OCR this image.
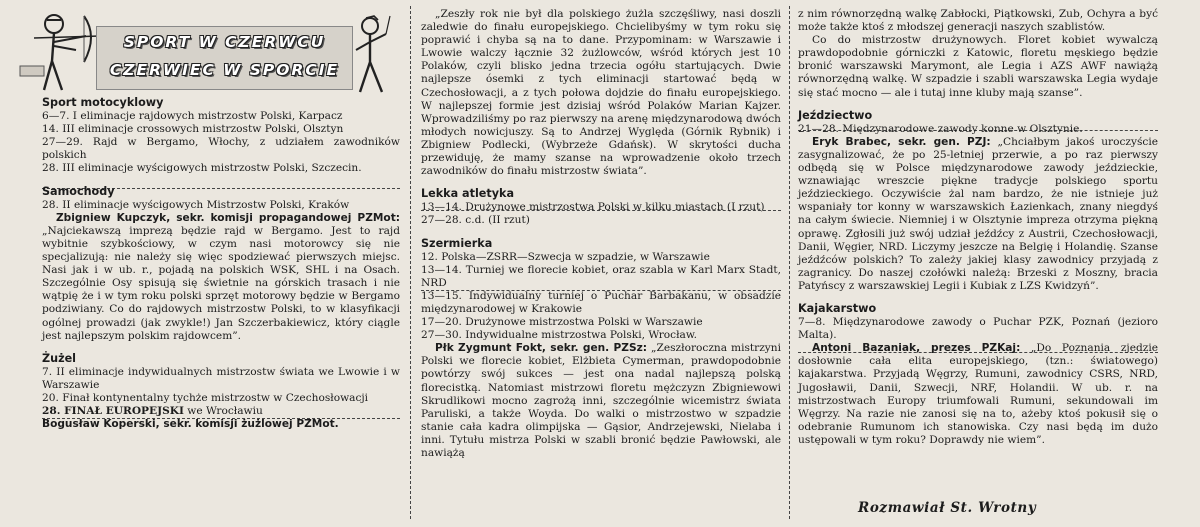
SPORT W CZERWCU
CZERWIEC W SPORCIE
Sport motocyklowy

6—7. I eliminacje rajdowych mistrzostw Polski, Karpacz

14. III eliminacje crossowych mistrzostw Polski, Olsztyn

27—29. Rajd w Bergamo, Włochy, z udziałem zawodników polskich

28. III eliminacje wyścigowych mistrzostw Polski, Szczecin.

Samochody

28. II eliminacje wyścigowych Mistrzostw Polski, Kraków

Zbigniew Kupczyk, sekr. komisji propagandowej PZMot: „Najciekawszą imprezą będzie rajd w Bergamo. Jest to rajd wybitnie szybkościowy, w czym nasi motorowcy się nie specjalizują: nie należy się więc spodziewać pierwszych miejsc. Nasi jak i w ub. r., pojadą na polskich WSK, SHL i na Osach. Szczególnie Osy spisują się świetnie na górskich trasach i nie wątpię że i w tym roku polski sprzęt motorowy będzie w Bergamo podziwiany. Co do rajdowych mistrzostw Polski, to w klasyfikacji ogólnej prowadzi (jak zwykle!) Jan Szczerbakiewicz, który ciągle jest najlepszym polskim rajdowcem”.

Żużel

7. II eliminacje indywidualnych mistrzostw świata we Lwowie i w Warszawie

20. Finał kontynentalny tychże mistrzostw w Czechosłowacji

28. FINAŁ EUROPEJSKI we Wrocławiu

Bogusław Koperski, sekr. komisji żużlowej PZMot.

„Zeszły rok nie był dla polskiego żużla szczęśliwy, nasi doszli zaledwie do finału europejskiego. Chcielibyśmy w tym roku się poprawić i chyba są na to dane. Przypominam: w Warszawie i Lwowie walczy łącznie 32 żużlowców, wśród których jest 10 Polaków, czyli blisko jedna trzecia ogółu startujących. Dwie najlepsze ósemki z tych eliminacji startować będą w Czechosłowacji, a z tych połowa dojdzie do finału europejskiego. W najlepszej formie jest dzisiaj wśród Polaków Marian Kajzer. Wprowadziliśmy po raz pierwszy na arenę międzynarodową dwóch młodych nowicjuszy. Są to Andrzej Wyględa (Górnik Rybnik) i Zbigniew Podlecki, (Wybrzeże Gdańsk). W skrytości ducha przewiduję, że mamy szanse na wprowadzenie około trzech zawodników do finału mistrzostw świata”.

Lekka atletyka

13—14. Drużynowe mistrzostwa Polski w kilku miastach (I rzut)

27—28. c.d. (II rzut)

Szermierka

12. Polska—ZSRR—Szwecja w szpadzie, w Warszawie

13—14. Turniej we florecie kobiet, oraz szabla w Karl Marx Stadt, NRD

13—15. Indywidualny turniej o Puchar Barbakanu, w obsadzie międzynarodowej w Krakowie

17—20. Drużynowe mistrzostwa Polski w Warszawie

27—30. Indywidualne mistrzostwa Polski, Wrocław.

Płk Zygmunt Fokt, sekr. gen. PZSz: „Zeszłoroczna mistrzyni Polski we florecie kobiet, Elżbieta Cymerman, prawdopodobnie powtórzy swój sukces — jest ona nadal najlepszą polską florecistką. Natomiast mistrzowi floretu mężczyzn Zbigniewowi Skrudlikowi mocno zagrożą inni, szczególnie wicemistrz świata Paruliski, a także Woyda. Do walki o mistrzostwo w szpadzie stanie cała kadra olimpijska — Gąsior, Andrzejewski, Nielaba i inni. Tytułu mistrza Polski w szabli bronić będzie Pawłowski, ale nawiążą

z nim równorzędną walkę Zabłocki, Piątkowski, Zub, Ochyra a być może także ktoś z młodszej generacji naszych szablistów.

Co do mistrzostw drużynowych. Floret kobiet wywalczą prawdopodobnie górniczki z Katowic, floretu męskiego będzie bronić warszawski Marymont, ale Legia i AZS AWF nawiążą równorzędną walkę. W szpadzie i szabli warszawska Legia wydaje się stać mocno — ale i tutaj inne kluby mają szanse”.

Jeździectwo

21—28. Międzynarodowe zawody konne w Olsztynie.

Eryk Brabec, sekr. gen. PZJ: „Chciałbym jakoś uroczyście zasygnalizować, że po 25-letniej przerwie, a po raz pierwszy odbędą się w Polsce międzynarodowe zawody jeździeckie, wznawiając wreszcie piękne tradycje polskiego sportu jeździeckiego. Oczywiście żal nam bardzo, że nie istnieje już wspaniały tor konny w warszawskich Łazienkach, znany niegdyś na całym świecie. Niemniej i w Olsztynie impreza otrzyma piękną oprawę. Zgłosili już swój udział jeźdźcy z Austrii, Czechosłowacji, Danii, Węgier, NRD. Liczymy jeszcze na Belgię i Holandię. Szanse jeźdźców polskich? To zależy jakiej klasy zawodnicy przyjadą z zagranicy. Do naszej czołówki należą: Brzeski z Moszny, bracia Patyńscy z warszawskiej Legii i Kubiak z LZS Kwidzyń”.

Kajakarstwo

7—8. Międzynarodowe zawody o Puchar PZK, Poznań (jezioro Malta).

Antoni Bazaniak, prezes PZKaj: „Do Poznania zjedzie dosłownie cała elita europejskiego, (tzn.: światowego) kajakarstwa. Przyjadą Węgrzy, Rumuni, zawodnicy CSRS, NRD, Jugosławii, Danii, Szwecji, NRF, Holandii. W ub. r. na mistrzostwach Europy triumfowali Rumuni, sekundowali im Węgrzy. Na razie nie zanosi się na to, ażeby ktoś pokusił się o odebranie Rumunom ich stanowiska. Czy nasi będą im dużo ustępowali w tym roku? Doprawdy nie wiem”.

Rozmawiał St. Wrotny
